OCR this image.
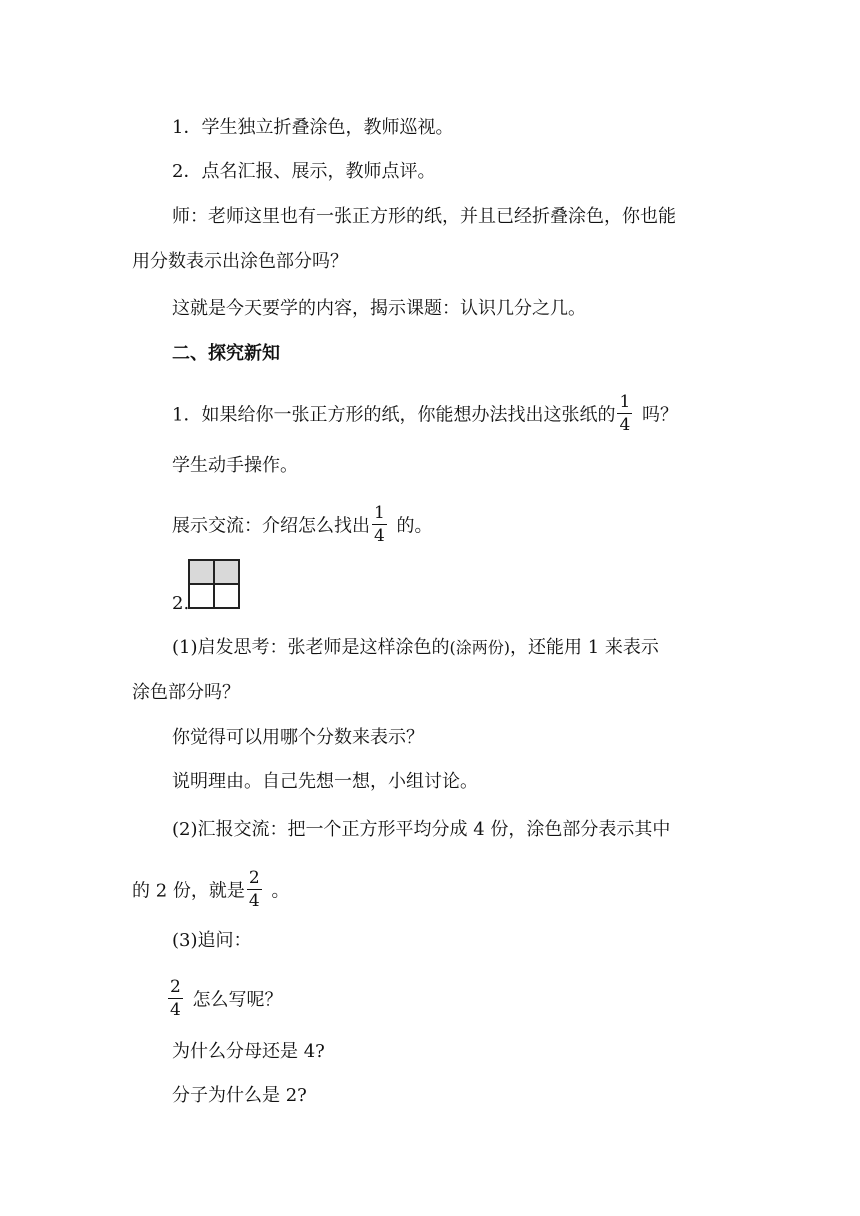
1．学生独立折叠涂色，教师巡视。
2．点名汇报、展示，教师点评。
师：老师这里也有一张正方形的纸，并且已经折叠涂色，你也能
用分数表示出涂色部分吗？
这就是今天要学的内容，揭示课题：认识几分之几。
二、探究新知
1．如果给你一张正方形的纸，你能想办法找出这张纸的 $\frac{1}{4}$ 吗？
学生动手操作。
展示交流：介绍怎么找出 $\frac{1}{4}$ 的。
2.
(1)启发思考：张老师是这样涂色的(涂两份)，还能用 1 来表示
涂色部分吗？
你觉得可以用哪个分数来表示？
说明理由。自己先想一想，小组讨论。
(2)汇报交流：把一个正方形平均分成 4 份，涂色部分表示其中
的 2 份，就是 $\frac{2}{4}$ 。
(3)追问：
$\frac{2}{4}$ 怎么写呢？
为什么分母还是 4?
分子为什么是 2?
